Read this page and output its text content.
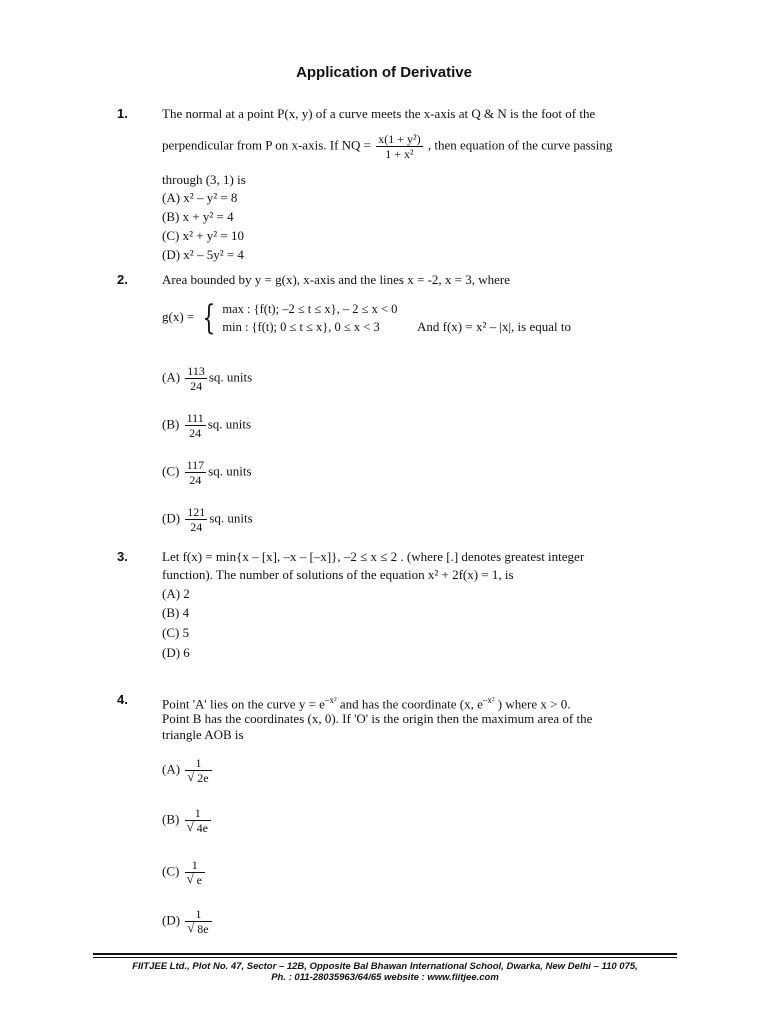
Application of Derivative
1.	The normal at a point P(x, y) of a curve meets the x-axis at Q & N is the foot of the
perpendicular from P on x-axis. If NQ = $\frac{\text{x(1 + y²)}}{\text{1 + x²}}$ , then equation of the curve passing
through (3, 1) is
(A) x² – y² = 8
(B) x + y² = 4
(C) x² + y² = 10
(D) x² – 5y² = 4
2.	Area bounded by y = g(x), x-axis and the lines x = -2, x = 3, where
g(x) = { max : {f(t); –2 ≤ t ≤ x}, – 2 ≤ x < 0
min : {f(t); 0 ≤ t ≤ x}, 0 ≤ x < 3	And f(x) = x² – |x|, is equal to
$(A) \frac{113}{24}$ sq. units
$(B) \frac{111}{24}$ sq. units
$(C) \frac{117}{24}$ sq. units
$(D) \frac{121}{24}$ sq. units
3.	Let f(x) = min{x – [x], –x – [–x]}, –2 ≤ x ≤ 2 . (where [.] denotes greatest integer
function). The number of solutions of the equation x² + 2f(x) = 1, is
(A) 2
(B) 4
(C) 5
(D) 6
4.	Point 'A' lies on the curve $y = e^{-x^2}$ and has the coordinate (x, $e^{-x^2}$ ) where x > 0.
Point B has the coordinates (x, 0). If 'O' is the origin then the maximum area of the
triangle AOB is
(A) 1
√ 2e
(B) 1
√ 4e
(C) 1
√ e
(D) 1
√ 8e
FIITJEE Ltd., Plot No. 47, Sector – 12B, Opposite Bal Bhawan International School, Dwarka, New Delhi – 110 075,
Ph. : 011-28035963/64/65 website : www.fiitjee.com
